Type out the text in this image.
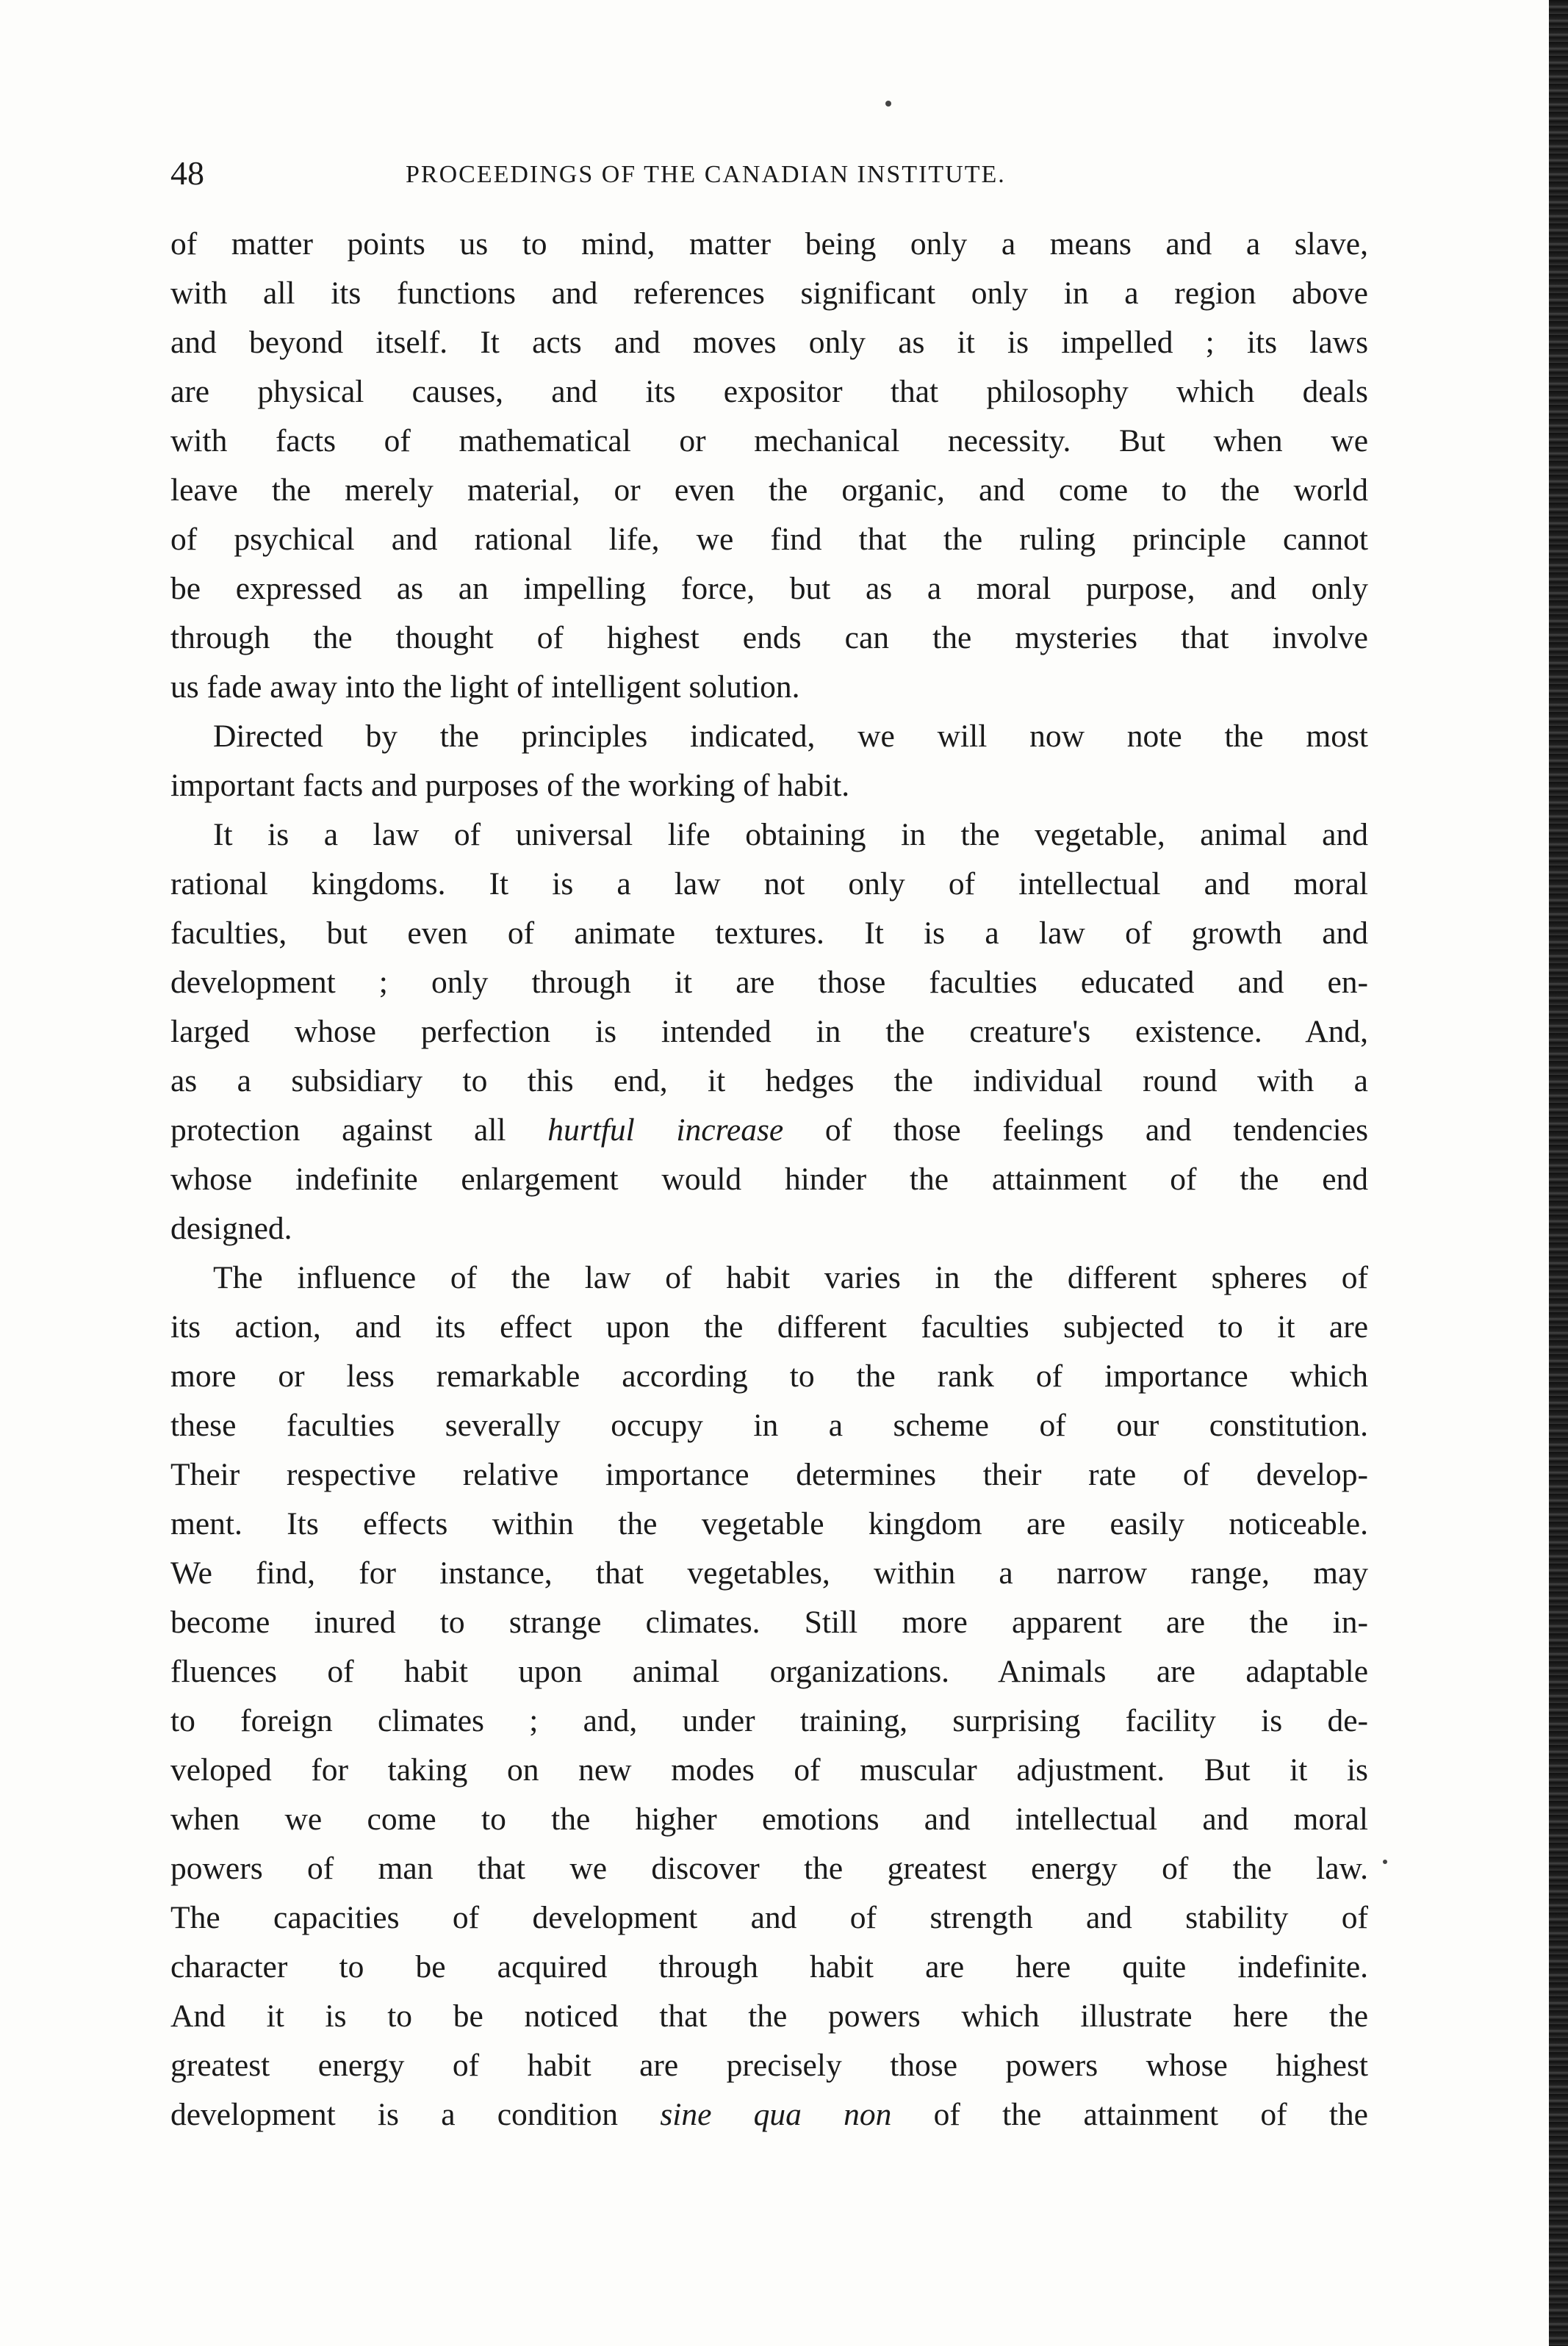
48	PROCEEDINGS OF THE CANADIAN INSTITUTE.
of matter points us to mind, matter being only a means and a slave,
with all its functions and references significant only in a region above
and beyond itself. It acts and moves only as it is impelled ; its laws
are physical causes, and its expositor that philosophy which deals
with facts of mathematical or mechanical necessity. But when we
leave the merely material, or even the organic, and come to the world
of psychical and rational life, we find that the ruling principle cannot
be expressed as an impelling force, but as a moral purpose, and only
through the thought of highest ends can the mysteries that involve
us fade away into the light of intelligent solution.
Directed by the principles indicated, we will now note the most
important facts and purposes of the working of habit.
It is a law of universal life obtaining in the vegetable, animal and
rational kingdoms. It is a law not only of intellectual and moral
faculties, but even of animate textures. It is a law of growth and
development ; only through it are those faculties educated and en-
larged whose perfection is intended in the creature's existence. And,
as a subsidiary to this end, it hedges the individual round with a
protection against all hurtful increase of those feelings and tendencies
whose indefinite enlargement would hinder the attainment of the end
designed.
The influence of the law of habit varies in the different spheres of
its action, and its effect upon the different faculties subjected to it are
more or less remarkable according to the rank of importance which
these faculties severally occupy in a scheme of our constitution.
Their respective relative importance determines their rate of develop-
ment. Its effects within the vegetable kingdom are easily noticeable.
We find, for instance, that vegetables, within a narrow range, may
become inured to strange climates. Still more apparent are the in-
fluences of habit upon animal organizations. Animals are adaptable
to foreign climates ; and, under training, surprising facility is de-
veloped for taking on new modes of muscular adjustment. But it is
when we come to the higher emotions and intellectual and moral
powers of man that we discover the greatest energy of the law.
The capacities of development and of strength and stability of
character to be acquired through habit are here quite indefinite.
And it is to be noticed that the powers which illustrate here the
greatest energy of habit are precisely those powers whose highest
development is a condition sine qua non of the attainment of the
